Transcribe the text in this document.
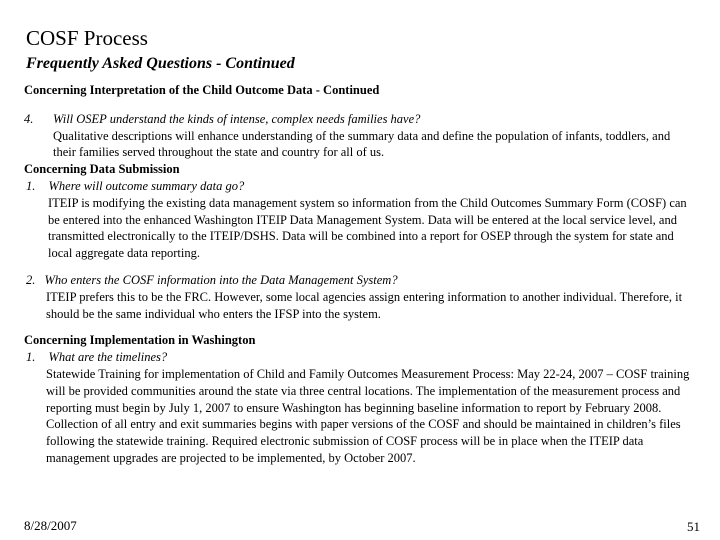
COSF Process
Frequently Asked Questions - Continued
Concerning Interpretation of the Child Outcome Data - Continued
4. Will OSEP understand the kinds of intense, complex needs families have?
Qualitative descriptions will enhance understanding of the summary data and define the population of infants, toddlers, and their families served throughout the state and country for all of us.
Concerning Data Submission
1. Where will outcome summary data go?
ITEIP is modifying the existing data management system so information from the Child Outcomes Summary Form (COSF) can be entered into the enhanced Washington ITEIP Data Management System. Data will be entered at the local service level, and transmitted electronically to the ITEIP/DSHS. Data will be combined into a report for OSEP through the system for state and local aggregate data reporting.
2. Who enters the COSF information into the Data Management System?
ITEIP prefers this to be the FRC. However, some local agencies assign entering information to another individual. Therefore, it should be the same individual who enters the IFSP into the system.
Concerning Implementation in Washington
1. What are the timelines?
Statewide Training for implementation of Child and Family Outcomes Measurement Process: May 22-24, 2007 – COSF training will be provided communities around the state via three central locations. The implementation of the measurement process and reporting must begin by July 1, 2007 to ensure Washington has beginning baseline information to report by February 2008. Collection of all entry and exit summaries begins with paper versions of the COSF and should be maintained in children’s files following the statewide training. Required electronic submission of COSF process will be in place when the ITEIP data management upgrades are projected to be implemented, by October 2007.
8/28/2007	51
